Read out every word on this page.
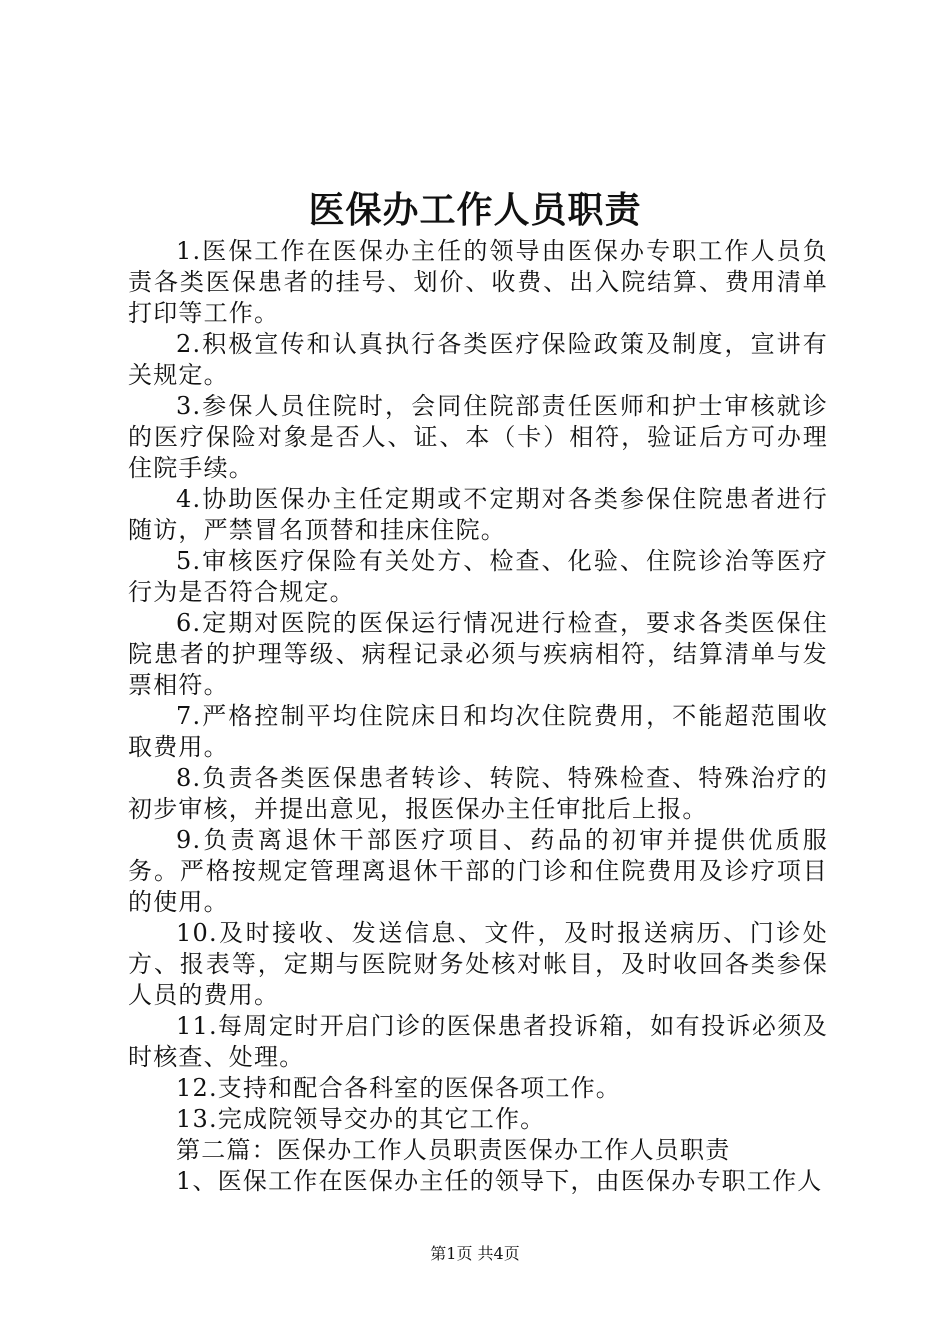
医保办工作人员职责

1.医保工作在医保办主任的领导由医保办专职工作人员负责各类医保患者的挂号、划价、收费、出入院结算、费用清单打印等工作。

2.积极宣传和认真执行各类医疗保险政策及制度，宣讲有关规定。

3.参保人员住院时，会同住院部责任医师和护士审核就诊的医疗保险对象是否人、证、本（卡）相符，验证后方可办理住院手续。

4.协助医保办主任定期或不定期对各类参保住院患者进行随访，严禁冒名顶替和挂床住院。

5.审核医疗保险有关处方、检查、化验、住院诊治等医疗行为是否符合规定。

6.定期对医院的医保运行情况进行检查，要求各类医保住院患者的护理等级、病程记录必须与疾病相符，结算清单与发票相符。

7.严格控制平均住院床日和均次住院费用，不能超范围收取费用。

8.负责各类医保患者转诊、转院、特殊检查、特殊治疗的初步审核，并提出意见，报医保办主任审批后上报。

9.负责离退休干部医疗项目、药品的初审并提供优质服务。严格按规定管理离退休干部的门诊和住院费用及诊疗项目的使用。

10.及时接收、发送信息、文件，及时报送病历、门诊处方、报表等，定期与医院财务处核对帐目，及时收回各类参保人员的费用。

11.每周定时开启门诊的医保患者投诉箱，如有投诉必须及时核查、处理。

12.支持和配合各科室的医保各项工作。

13.完成院领导交办的其它工作。

第二篇：医保办工作人员职责医保办工作人员职责

1、医保工作在医保办主任的领导下，由医保办专职工作人

第1页 共4页
